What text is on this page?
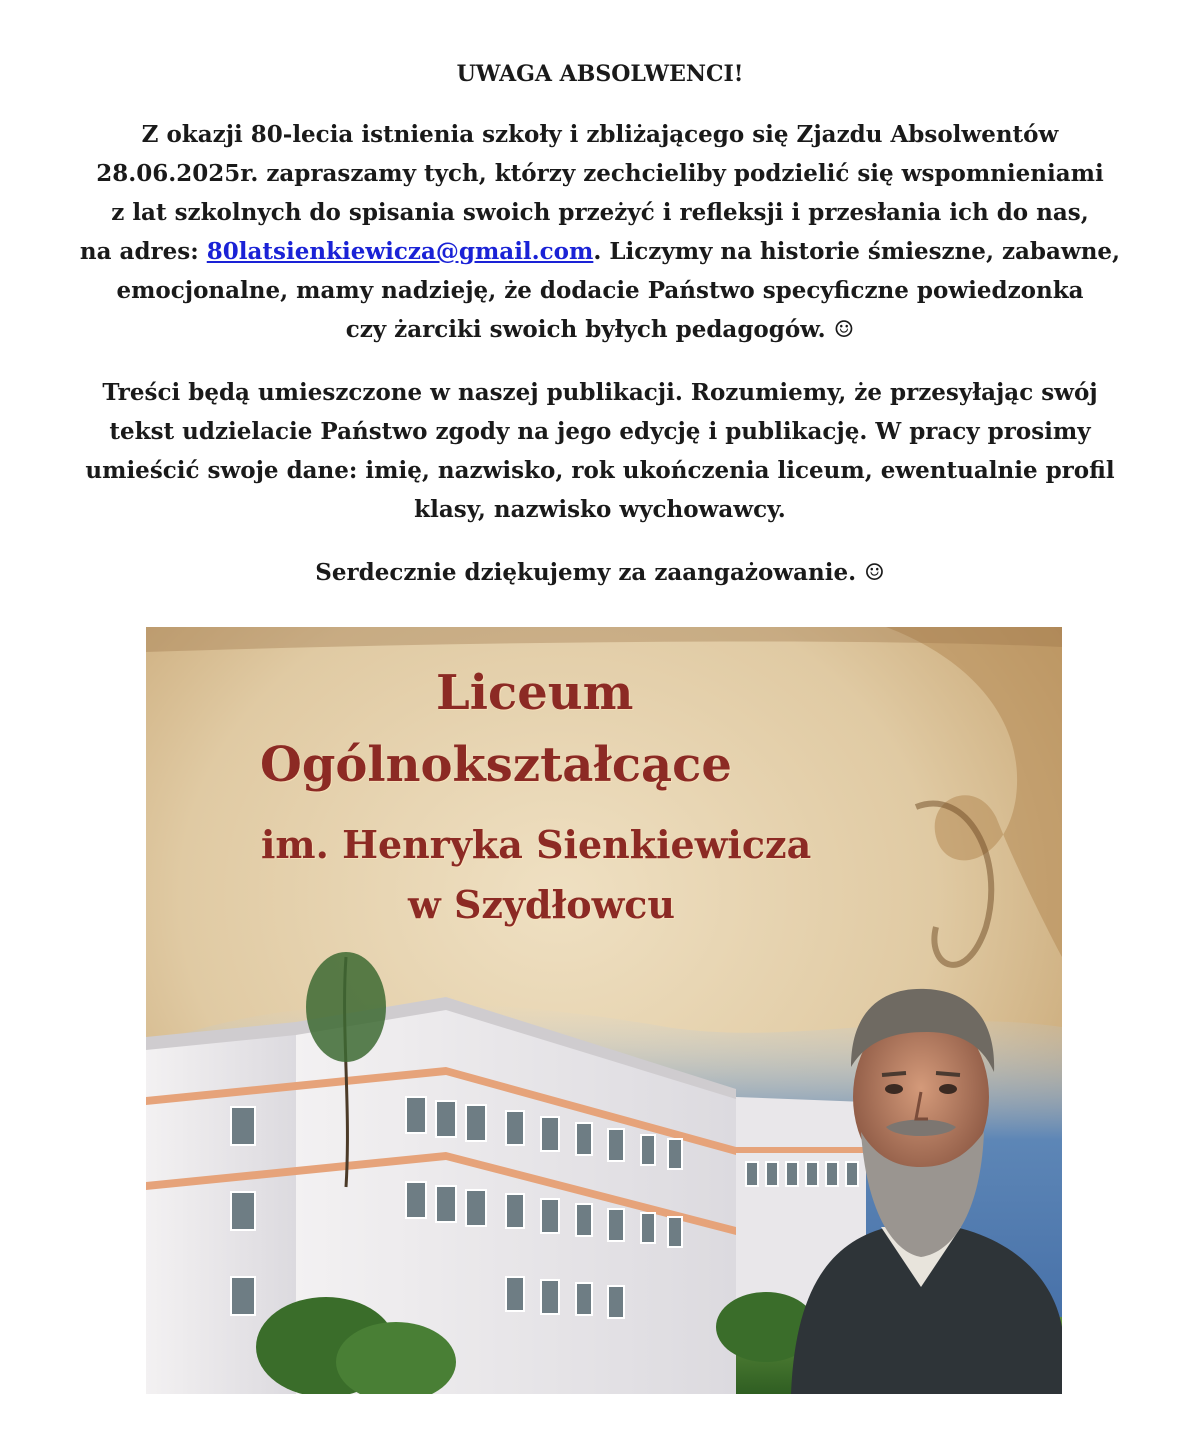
UWAGA ABSOLWENCI!
Z okazji 80-lecia istnienia szkoły i zbliżającego się Zjazdu Absolwentów
28.06.2025r. zapraszamy tych, którzy zechcieliby podzielić się wspomnieniami
z lat szkolnych do spisania swoich przeżyć i refleksji i przesłania ich do nas,
na adres: 80latsienkiewicza@gmail.com. Liczymy na historie śmieszne, zabawne,
emocjonalne, mamy nadzieję, że dodacie Państwo specyficzne powiedzonka
czy żarciki swoich byłych pedagogów. ☺
Treści będą umieszczone w naszej publikacji. Rozumiemy, że przesyłając swój
tekst udzielacie Państwo zgody na jego edycję i publikację. W pracy prosimy
umieścić swoje dane: imię, nazwisko, rok ukończenia liceum, ewentualnie profil
klasy, nazwisko wychowawcy.
Serdecznie dziękujemy za zaangażowanie. ☺
Liceum
Ogólnokształcące
im. Henryka Sienkiewicza
w Szydłowcu
